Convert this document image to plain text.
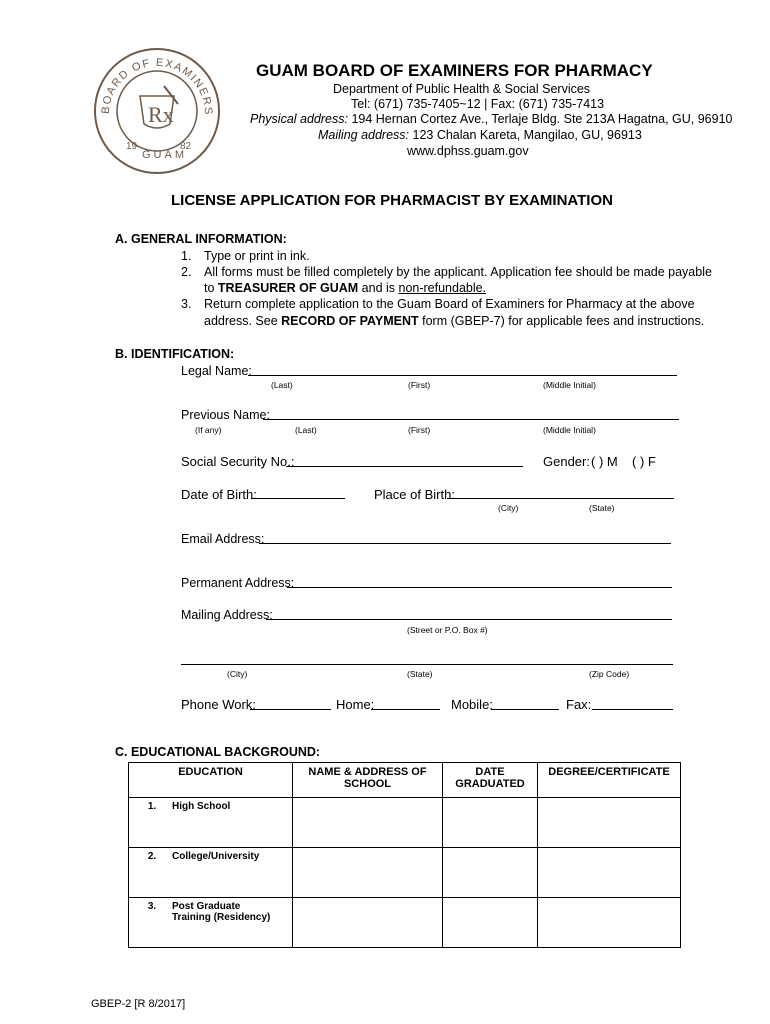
BOARD OF EXAMINERS
19
GUAM
82
Rx
GUAM BOARD OF EXAMINERS FOR PHARMACY
Department of Public Health & Social Services
Tel: (671) 735-7405~12 | Fax: (671) 735-7413
Physical address: 194 Hernan Cortez Ave., Terlaje Bldg. Ste 213A Hagatna, GU, 96910
Mailing address: 123 Chalan Kareta, Mangilao, GU, 96913
www.dphss.guam.gov
LICENSE APPLICATION FOR PHARMACIST BY EXAMINATION
A. GENERAL INFORMATION:
1. Type or print in ink.
2. All forms must be filled completely by the applicant. Application fee should be made payable
to TREASURER OF GUAM and is non-refundable.
3. Return complete application to the Guam Board of Examiners for Pharmacy at the above
address. See RECORD OF PAYMENT form (GBEP-7) for applicable fees and instructions.
B. IDENTIFICATION:
Legal Name:
(Last)	(First)	(Middle Initial)
Previous Name:
(If any)	(Last)	(First)	(Middle Initial)
Social Security No.:	Gender: ( ) M ( ) F
Date of Birth:	Place of Birth:
(City)	(State)
Email Address:
Permanent Address:
Mailing Address:
(Street or P.O. Box #)
(City)	(State)	(Zip Code)
Phone Work:	Home:	Mobile:	Fax:
C. EDUCATIONAL BACKGROUND:
EDUCATION	NAME & ADDRESS OF SCHOOL	DATE GRADUATED	DEGREE/CERTIFICATE
1. High School			
2. College/University			
3. Post Graduate Training (Residency)			
GBEP-2 [R 8/2017]
